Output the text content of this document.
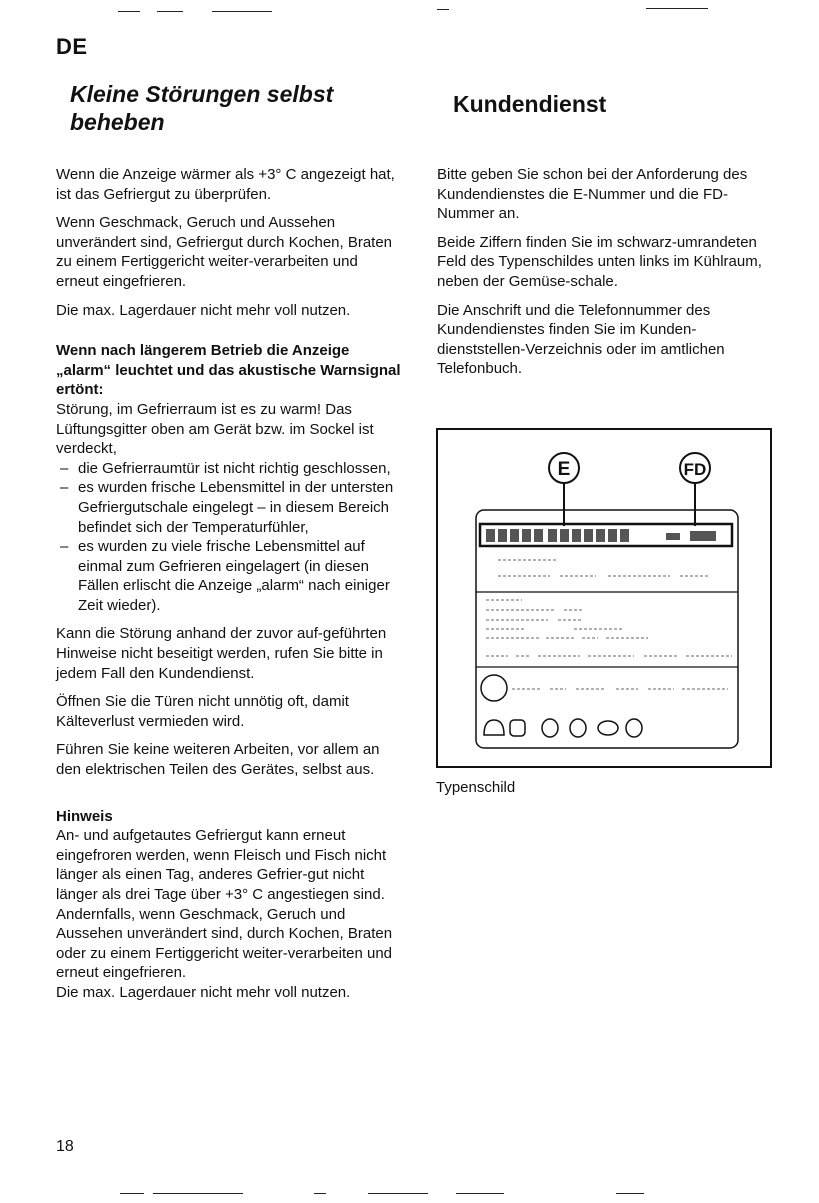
DE
Kleine Störungen selbst beheben
Kundendienst

Wenn die Anzeige wärmer als +3° C angezeigt hat, ist das Gefriergut zu überprüfen.

Wenn Geschmack, Geruch und Aussehen unverändert sind, Gefriergut durch Kochen, Braten zu einem Fertiggericht weiter-verarbeiten und erneut eingefrieren.

Die max. Lagerdauer nicht mehr voll nutzen.

Wenn nach längerem Betrieb die Anzeige „alarm“ leuchtet und das akustische Warnsignal ertönt:
Störung, im Gefrierraum ist es zu warm! Das Lüftungsgitter oben am Gerät bzw. im Sockel ist verdeckt,
– die Gefrierraumtür ist nicht richtig geschlossen,
– es wurden frische Lebensmittel in der untersten Gefriergutschale eingelegt – in diesem Bereich befindet sich der Temperaturfühler,
– es wurden zu viele frische Lebensmittel auf einmal zum Gefrieren eingelagert (in diesen Fällen erlischt die Anzeige „alarm“ nach einiger Zeit wieder).

Kann die Störung anhand der zuvor auf-geführten Hinweise nicht beseitigt werden, rufen Sie bitte in jedem Fall den Kundendienst.

Öffnen Sie die Türen nicht unnötig oft, damit Kälteverlust vermieden wird.

Führen Sie keine weiteren Arbeiten, vor allem an den elektrischen Teilen des Gerätes, selbst aus.

Hinweis
An- und aufgetautes Gefriergut kann erneut eingefroren werden, wenn Fleisch und Fisch nicht länger als einen Tag, anderes Gefrier-gut nicht länger als drei Tage über +3° C angestiegen sind.
Andernfalls, wenn Geschmack, Geruch und Aussehen unverändert sind, durch Kochen, Braten oder zu einem Fertiggericht weiter-verarbeiten und erneut eingefrieren.
Die max. Lagerdauer nicht mehr voll nutzen.

Bitte geben Sie schon bei der Anforderung des Kundendienstes die E-Nummer und die FD-Nummer an.

Beide Ziffern finden Sie im schwarz-umrandeten Feld des Typenschildes unten links im Kühlraum, neben der Gemüse-schale.

Die Anschrift und die Telefonnummer des Kundendienstes finden Sie im Kunden-dienststellen-Verzeichnis oder im amtlichen Telefonbuch.

E	FD
Typenschild
18
